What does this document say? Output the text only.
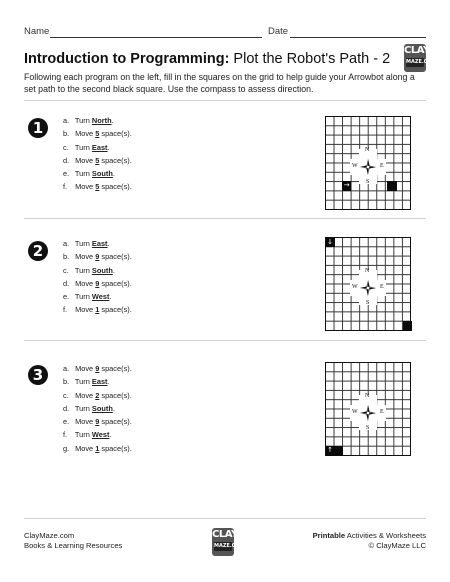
Name	Date
Introduction to Programming: Plot the Robot's Path - 2
CLAY
MAZE.COM
Following each program on the left, fill in the squares on the grid to help guide your Arrowbot along a set path to the second black square. Use the compass to assess direction.
1	a. Turn North.
b. Move 5 space(s).
c. Turn East.
d. Move 5 space(s).
e. Turn South.
f. Move 5 space(s).
N
S
W	E
→
2	a. Turn East.
b. Move 9 space(s).
c. Turn South.
d. Move 9 space(s).
e. Turn West.
f. Move 1 space(s).
N
S
W	E
↓
3	a. Move 9 space(s).
b. Turn East.
c. Move 2 space(s).
d. Turn South.
e. Move 9 space(s).
f. Turn West.
g. Move 1 space(s).
N
S
W	E
↑
ClayMaze.com
Books & Learning Resources
CLAY
MAZE.COM
Printable Activities & Worksheets
© ClayMaze LLC
